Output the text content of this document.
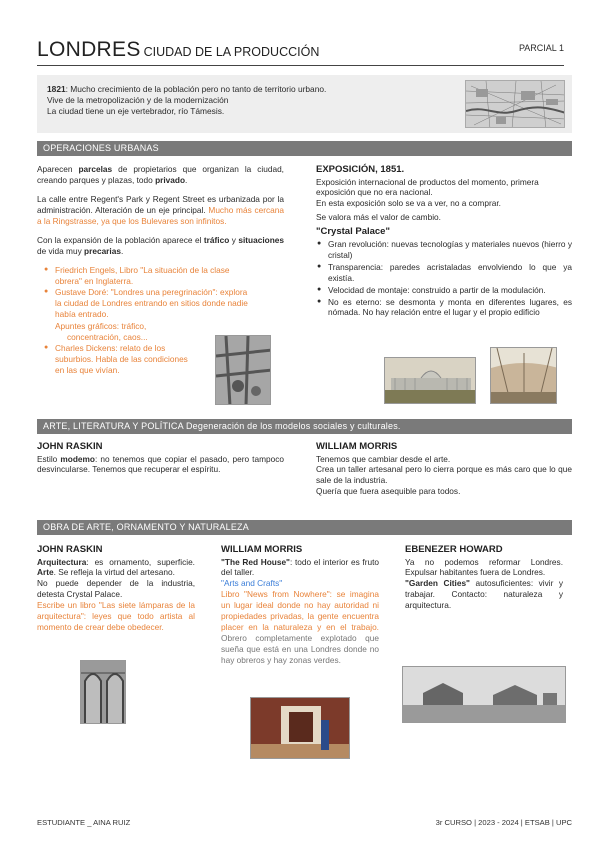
LONDRES CIUDAD DE LA PRODUCCIÓN	PARCIAL 1

1821: Mucho crecimiento de la población pero no tanto de territorio urbano.

Vive de la metropolización y de la modernización

La ciudad tiene un eje vertebrador, río Támesis.

OPERACIONES URBANAS

Aparecen parcelas de propietarios que organizan la ciudad, creando parques y plazas, todo privado.

La calle entre Regent's Park y Regent Street es urbanizada por la administración. Alteración de un eje principal. Mucho más cercana a la Ringstrasse, ya que los Bulevares son infinitos.

Con la expansión de la población aparece el tráfico y situaciones de vida muy precarias.

● Friedrich Engels, Libro "La situación de la clase obrera" en Inglaterra.
● Gustave Doré: "Londres una peregrinación": explora la ciudad de Londres entrando en sitios donde nadie había entrado.
Apuntes gráficos: tráfico,
concentración, caos...
● Charles Dickens: relato de los suburbios. Habla de las condiciones en las que vivían.
EXPOSICIÓN, 1851.
Exposición internacional de productos del momento, primera exposición que no era nacional.
En esta exposición solo se va a ver, no a comprar.
Se valora más el valor de cambio.
"Crystal Palace"
● Gran revolución: nuevas tecnologías y materiales nuevos (hierro y cristal)
● Transparencia: paredes acristaladas envolviendo lo que ya existía.
● Velocidad de montaje: construido a partir de la modulación.
● No es eterno: se desmonta y monta en diferentes lugares, es nómada. No hay relación entre el lugar y el propio edificio
ARTE, LITERATURA Y POLÍTICA Degeneración de los modelos sociales y culturales.
JOHN RASKIN
Estilo modemo: no tenemos que copiar el pasado, pero tampoco desvincularse. Tenemos que recuperar el espíritu.
WILLIAM MORRIS
Tenemos que cambiar desde el arte.
Crea un taller artesanal pero lo cierra porque es más caro que lo que sale de la industria.
Quería que fuera asequible para todos.
OBRA DE ARTE, ORNAMENTO Y NATURALEZA
JOHN RASKIN
Arquitectura: es ornamento, superficie. Arte. Se refleja la virtud del artesano.
No puede depender de la industria, detesta Crystal Palace.
Escribe un libro "Las siete lámparas de la arquitectura": leyes que todo artista al momento de crear debe obedecer.
WILLIAM MORRIS
"The Red House": todo el interior es fruto del taller.
"Arts and Crafts"
Libro "News from Nowhere": se imagina un lugar ideal donde no hay autoridad ni propiedades privadas, la gente encuentra placer en la naturaleza y en el trabajo. Obrero completamente explotado que sueña que está en una Londres donde no hay obreros y hay zonas verdes.
EBENEZER HOWARD
Ya no podemos reformar Londres. Expulsar habitantes fuera de Londres.
"Garden Cities" autosuficientes: vivir y trabajar. Contacto: naturaleza y arquitectura.
ESTUDIANTE _ AINA RUIZ	3r CURSO | 2023 - 2024 | ETSAB | UPC
